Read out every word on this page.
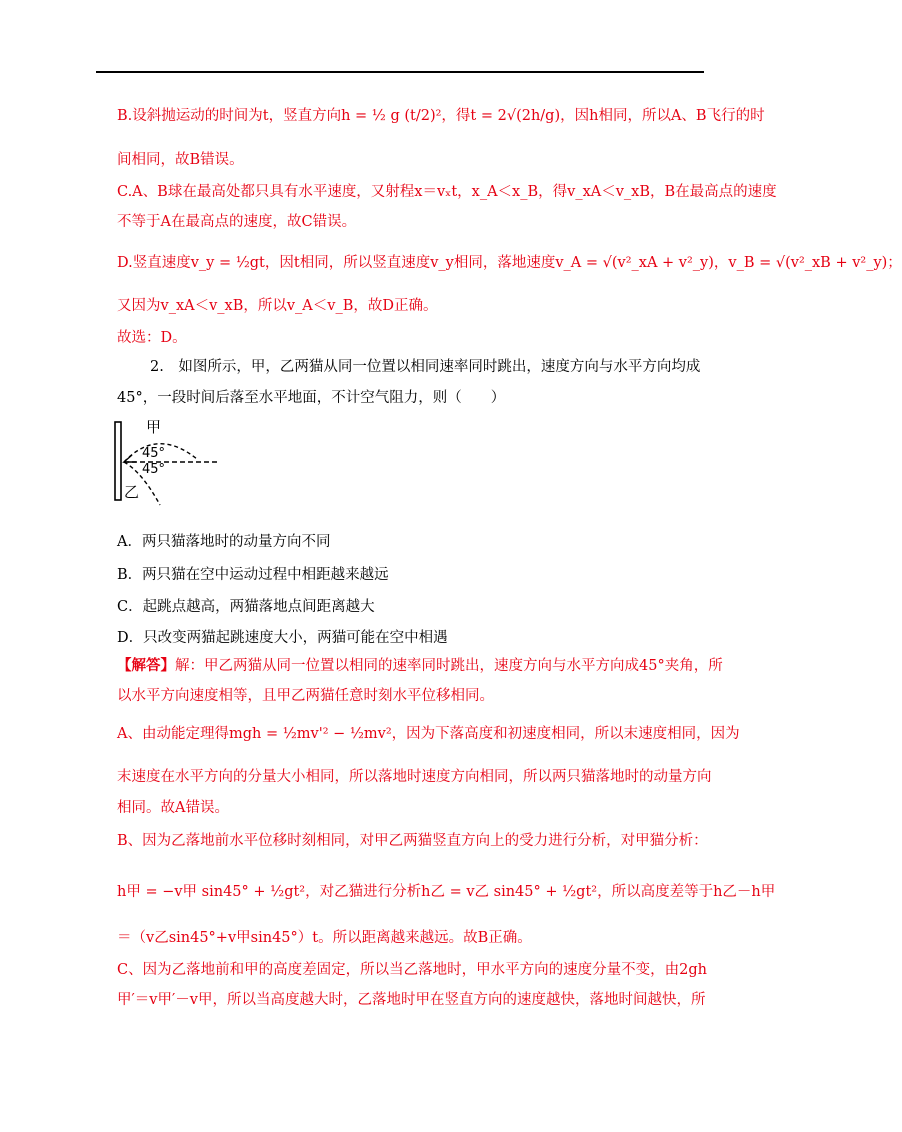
B.设斜抛运动的时间为t，竖直方向h = ½ g (t/2)²，得t = 2√(2h/g)，因h相同，所以A、B飞行的时
间相同，故B错误。
C.A、B球在最高处都只具有水平速度，又射程x＝vₓt，x_A＜x_B，得v_xA＜v_xB，B在最高点的速度
不等于A在最高点的速度，故C错误。
D.竖直速度v_y = ½gt，因t相同，所以竖直速度v_y相同，落地速度v_A = √(v²_xA + v²_y)，v_B = √(v²_xB + v²_y)；
又因为v_xA＜v_xB，所以v_A＜v_B，故D正确。
故选：D。
2.　如图所示，甲，乙两猫从同一位置以相同速率同时跳出，速度方向与水平方向均成
45°，一段时间后落至水平地面，不计空气阻力，则（　　）
甲
45°
45°
乙
A．两只猫落地时的动量方向不同
B．两只猫在空中运动过程中相距越来越远
C．起跳点越高，两猫落地点间距离越大
D．只改变两猫起跳速度大小，两猫可能在空中相遇
【解答】解：甲乙两猫从同一位置以相同的速率同时跳出，速度方向与水平方向成45°夹角，所
以水平方向速度相等，且甲乙两猫任意时刻水平位移相同。
A、由动能定理得mgh = ½mv'² − ½mv²，因为下落高度和初速度相同，所以末速度相同，因为
末速度在水平方向的分量大小相同，所以落地时速度方向相同，所以两只猫落地时的动量方向
相同。故A错误。
B、因为乙落地前水平位移时刻相同，对甲乙两猫竖直方向上的受力进行分析，对甲猫分析：
h甲 = −v甲 sin45° + ½gt²，对乙猫进行分析h乙 = v乙 sin45° + ½gt²，所以高度差等于h乙－h甲
＝（v乙sin45°+v甲sin45°）t。所以距离越来越远。故B正确。
C、因为乙落地前和甲的高度差固定，所以当乙落地时，甲水平方向的速度分量不变，由2gh
甲′＝v甲′－v甲，所以当高度越大时，乙落地时甲在竖直方向的速度越快，落地时间越快，所
